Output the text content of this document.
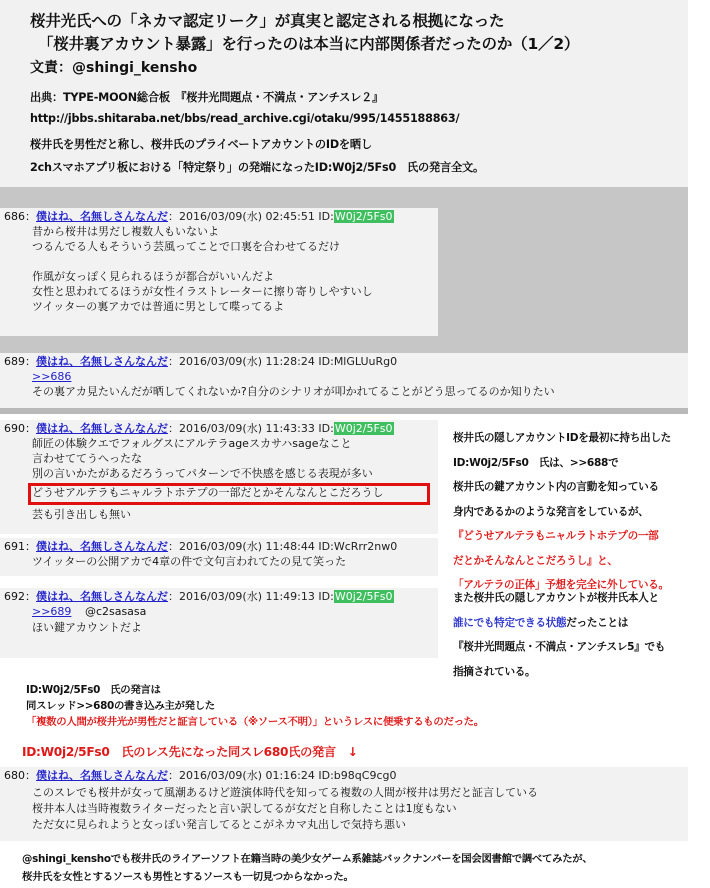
桜井光氏への「ネカマ認定リーク」が真実と認定される根拠になった
「桜井裏アカウント暴露」を行ったのは本当に内部関係者だったのか（1／2）
文責：@shingi_kensho
出典：TYPE-MOON総合板　『桜井光問題点・不満点・アンチスレ２』
http://jbbs.shitaraba.net/bbs/read_archive.cgi/otaku/995/1455188863/
桜井氏を男性だと称し、桜井氏のプライベートアカウントのIDを晒し
2chスマホアプリ板における「特定祭り」の発端になったID:W0j2/5Fs0　氏の発言全文。
686：僕はね、名無しさんなんだ：2016/03/09(水) 02:45:51 ID:W0j2/5Fs0
昔から桜井は男だし複数人もいないよ
つるんでる人もそういう芸風ってことで口裏を合わせてるだけ
作風が女っぽく見られるほうが都合がいいんだよ
女性と思われてるほうが女性イラストレーターに擦り寄りしやすいし
ツイッターの裏アカでは普通に男として喋ってるよ
689：僕はね、名無しさんなんだ：2016/03/09(水) 11:28:24 ID:MlGLUuRg0
>>686
その裏アカ見たいんだが晒してくれないか?自分のシナリオが叩かれてることがどう思ってるのか知りたい
690：僕はね、名無しさんなんだ：2016/03/09(水) 11:43:33 ID:W0j2/5Fs0
師匠の体験クエでフォルグスにアルテラageスカサハsageなこと
言わせててうへったな
別の言いかたがあるだろうってパターンで不快感を感じる表現が多い
どうせアルテラもニャルラトホテプの一部だとかそんなんとこだろうし
芸も引き出しも無い
691：僕はね、名無しさんなんだ：2016/03/09(水) 11:48:44 ID:WcRrr2nw0
ツイッターの公開アカで4章の件で文句言われてたの見て笑った
692：僕はね、名無しさんなんだ：2016/03/09(水) 11:49:13 ID:W0j2/5Fs0
>>689 @c2sasasa
ほい鍵アカウントだよ
桜井氏の隠しアカウントIDを最初に持ち出した
ID:W0j2/5Fs0　氏は、>>688で
桜井氏の鍵アカウント内の言動を知っている
身内であるかのような発言をしているが、
『どうせアルテラもニャルラトホテプの一部
だとかそんなんとこだろうし』と、
「アルテラの正体」予想を完全に外している。
また桜井氏の隠しアカウントが桜井氏本人と
誰にでも特定できる状態だったことは
『桜井光問題点・不満点・アンチスレ5』でも
指摘されている。
ID:W0j2/5Fs0　氏の発言は
同スレッド>>680の書き込み主が発した
「複数の人間が桜井光が男性だと証言している（※ソース不明）」というレスに便乗するものだった。
ID:W0j2/5Fs0　氏のレス先になった同スレ680氏の発言　↓
680：僕はね、名無しさんなんだ：2016/03/09(水) 01:16:24 ID:b98qC9cg0
このスレでも桜井が女って風潮あるけど遊演体時代を知ってる複数の人間が桜井は男だと証言している
桜井本人は当時複数ライターだったと言い訳してるが女だと自称したことは1度もない
ただ女に見られようと女っぽい発言してるとこがネカマ丸出しで気持ち悪い
@shingi_kenshoでも桜井氏のライアーソフト在籍当時の美少女ゲーム系雑誌バックナンバーを国会図書館で調べてみたが、
桜井氏を女性とするソースも男性とするソースも一切見つからなかった。
